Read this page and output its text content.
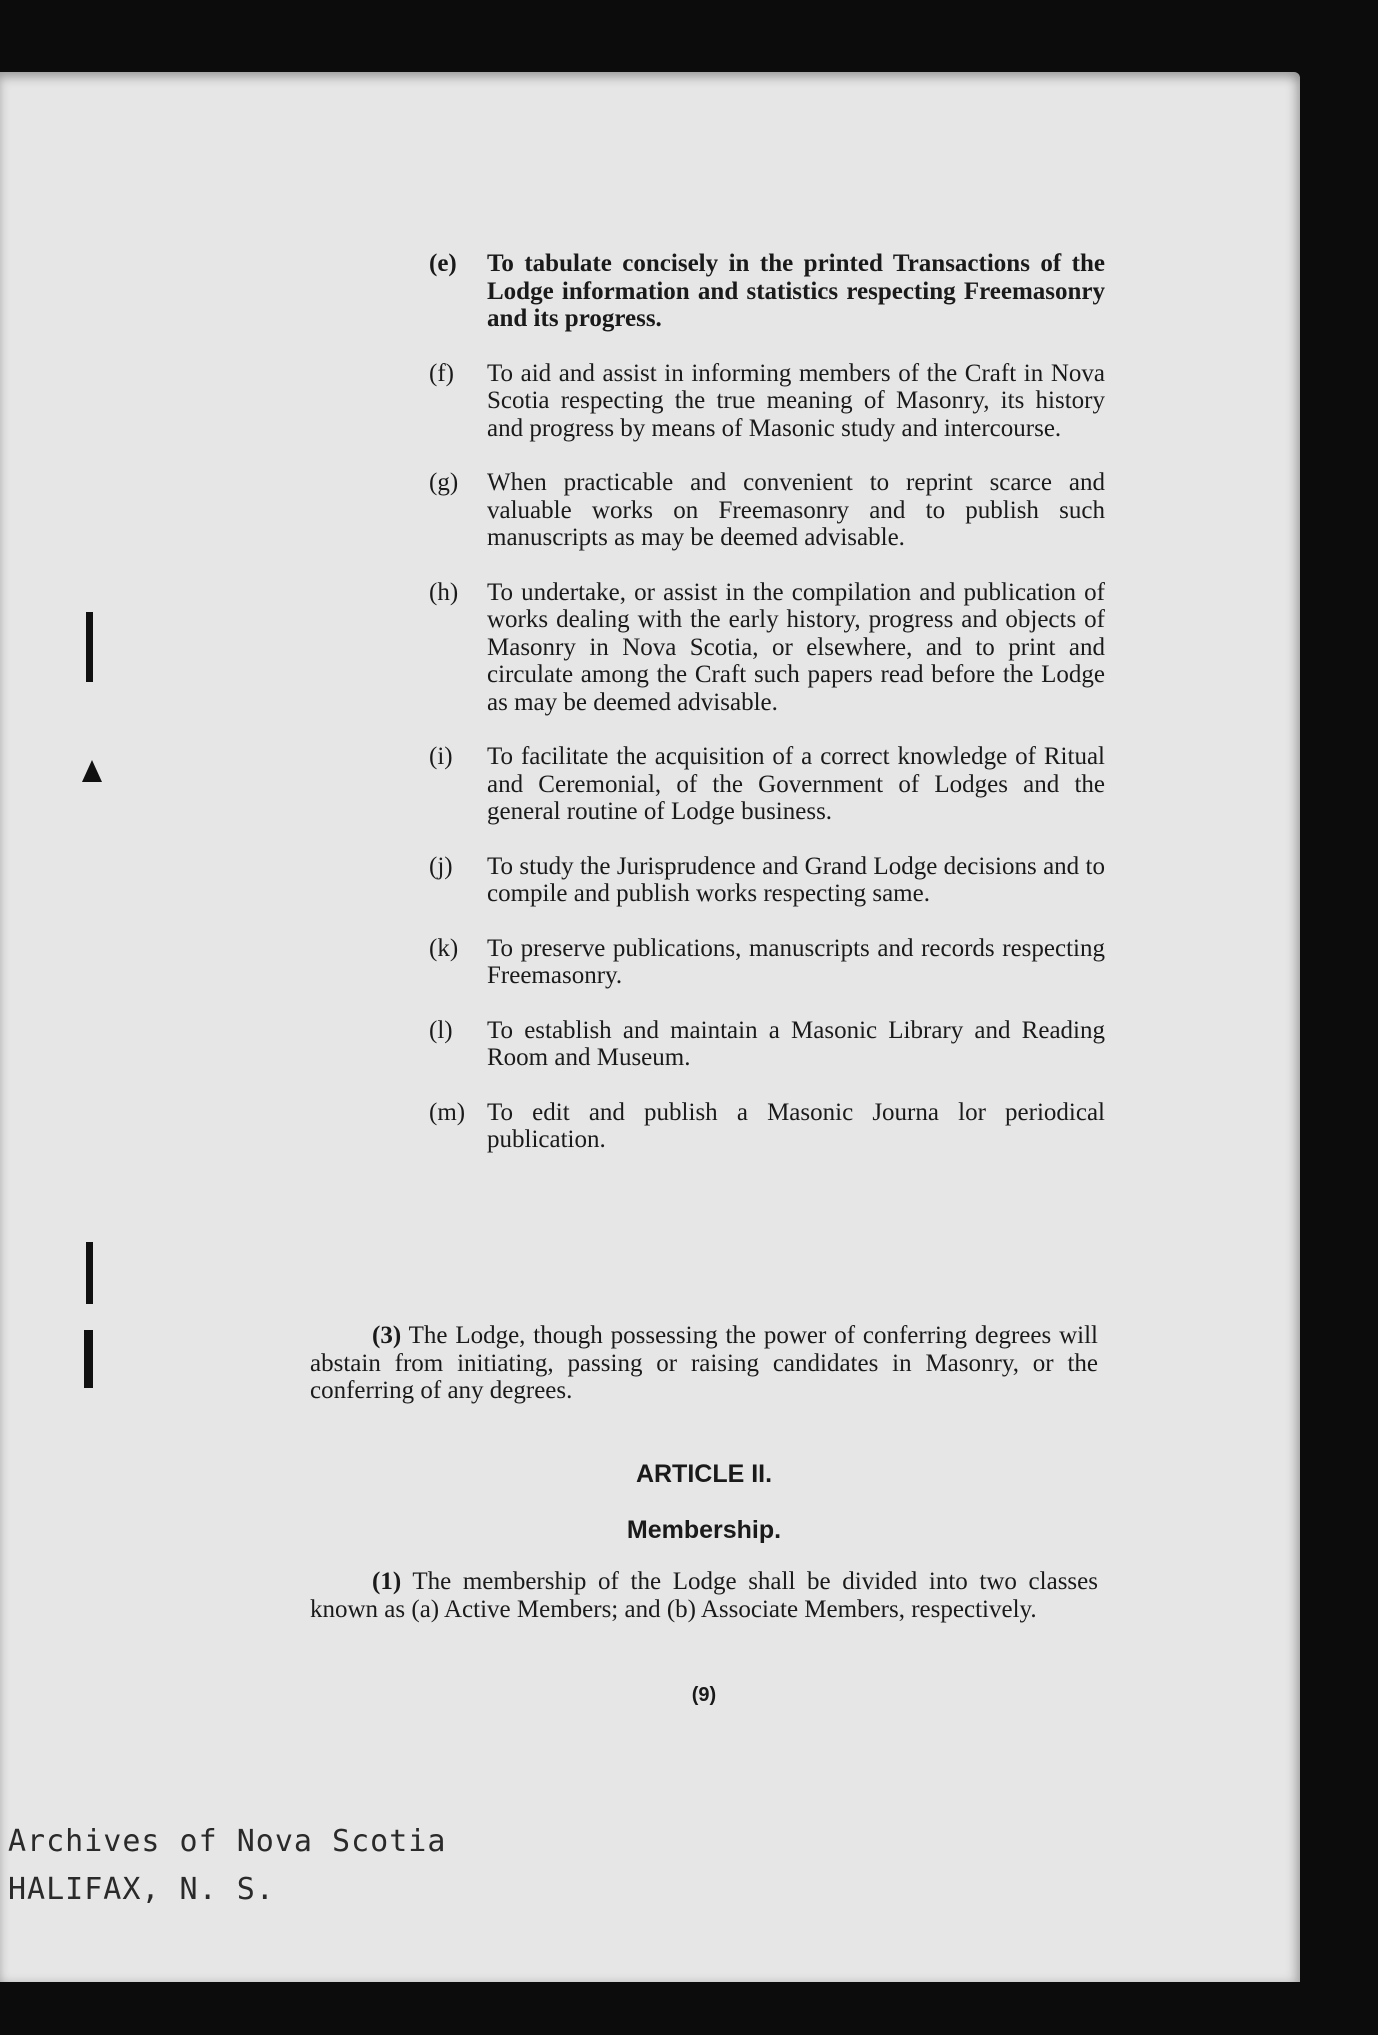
(e) To tabulate concisely in the printed Transactions of the Lodge information and statistics respecting Freemasonry and its progress.
(f) To aid and assist in informing members of the Craft in Nova Scotia respecting the true meaning of Masonry, its history and progress by means of Masonic study and intercourse.
(g) When practicable and convenient to reprint scarce and valuable works on Freemasonry and to publish such manuscripts as may be deemed advisable.
(h) To undertake, or assist in the compilation and publication of works dealing with the early history, progress and objects of Masonry in Nova Scotia, or elsewhere, and to print and circulate among the Craft such papers read before the Lodge as may be deemed advisable.
(i) To facilitate the acquisition of a correct knowledge of Ritual and Ceremonial, of the Government of Lodges and the general routine of Lodge business.
(j) To study the Jurisprudence and Grand Lodge decisions and to compile and publish works respecting same.
(k) To preserve publications, manuscripts and records respecting Freemasonry.
(l) To establish and maintain a Masonic Library and Reading Room and Museum.
(m) To edit and publish a Masonic Journa lor periodical publication.
(3) The Lodge, though possessing the power of conferring degrees will abstain from initiating, passing or raising candidates in Masonry, or the conferring of any degrees.
ARTICLE II.
Membership.
(1) The membership of the Lodge shall be divided into two classes known as (a) Active Members; and (b) Associate Members, respectively.
(9)
Archives of Nova Scotia
HALIFAX, N. S.
